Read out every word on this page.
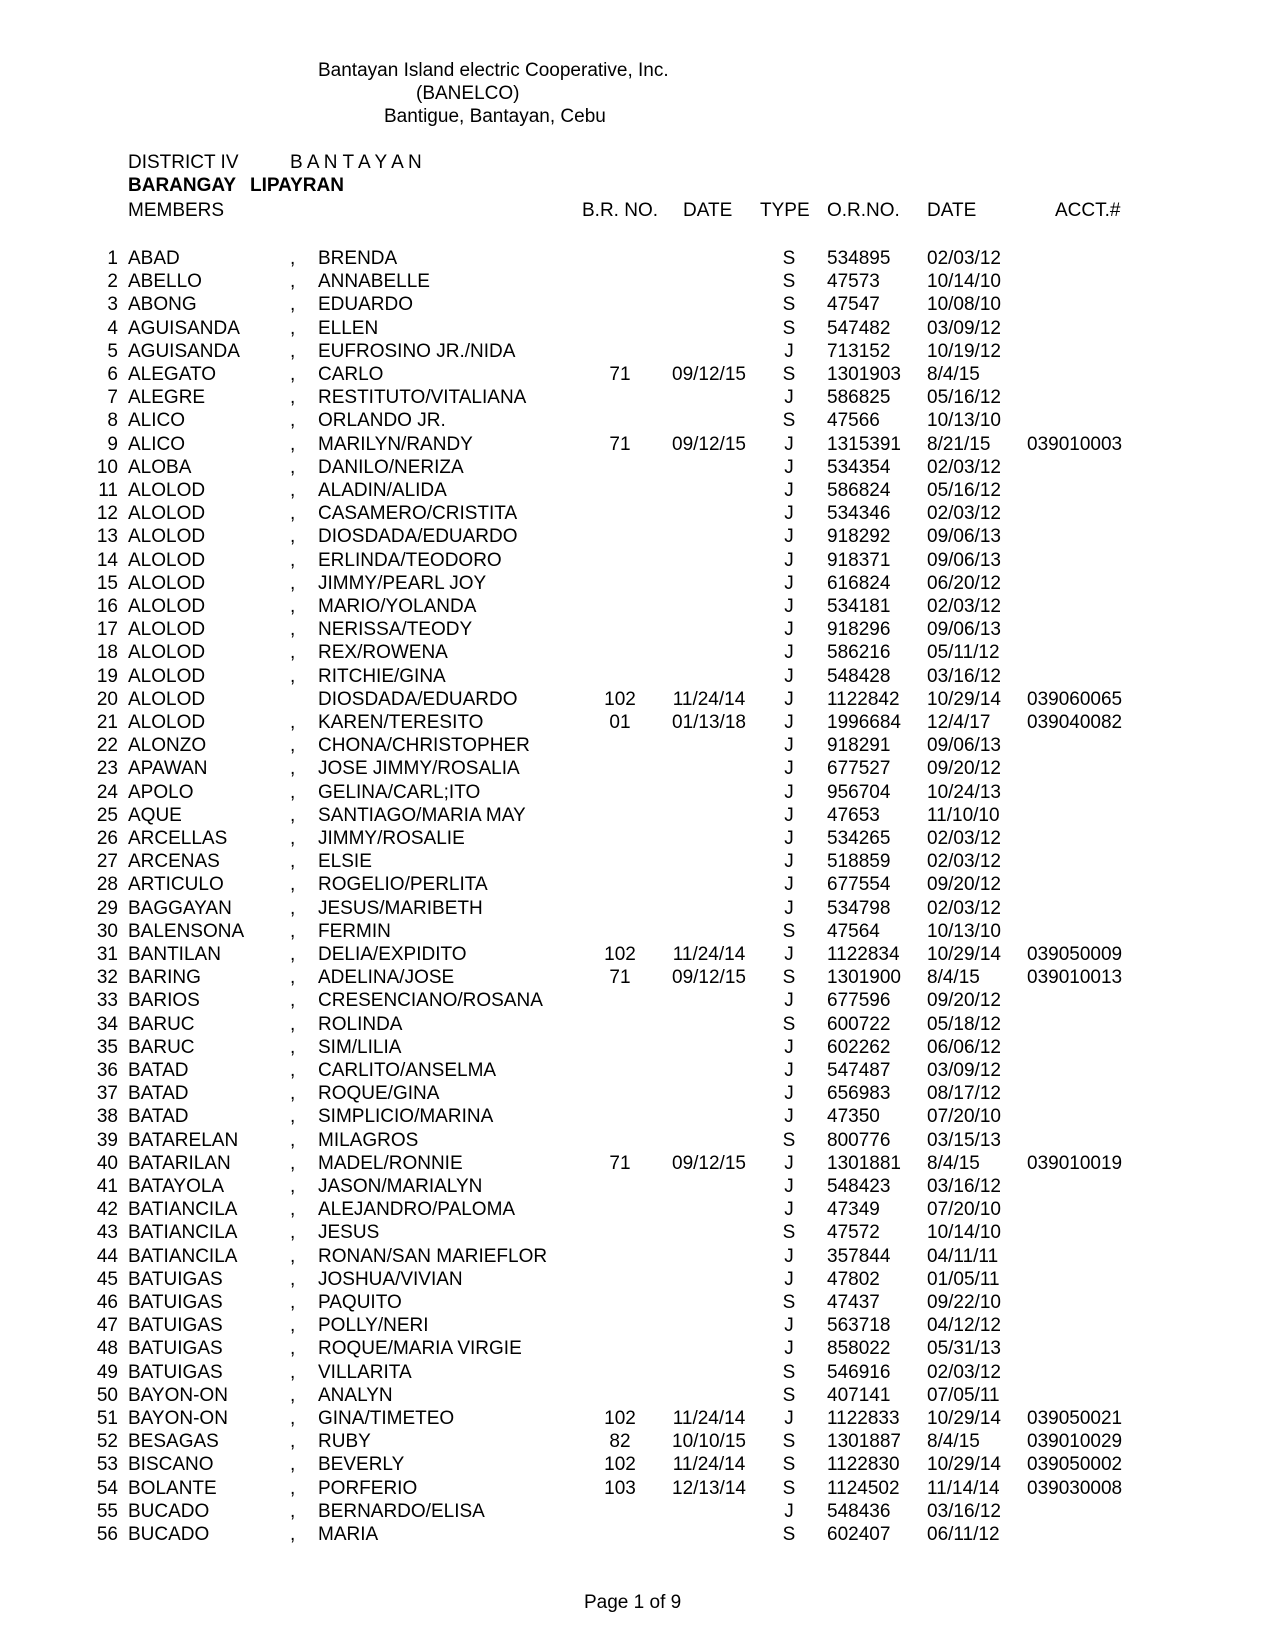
Bantayan Island electric Cooperative, Inc.
(BANELCO)
Bantigue, Bantayan, Cebu
DISTRICT IV	B A N T A Y A N
BARANGAY LIPAYRAN
MEMBERS	B.R. NO. DATE TYPE O.R.NO. DATE	ACCT.#
1 ABAD	, BRENDA	S	534895	02/03/12
2 ABELLO	, ANNABELLE	S	47573	10/14/10
3 ABONG	, EDUARDO	S	47547	10/08/10
4 AGUISANDA	, ELLEN	S	547482	03/09/12
5 AGUISANDA	, EUFROSINO JR./NIDA	J	713152	10/19/12
6 ALEGATO	, CARLO	71	09/12/15	S	1301903	8/4/15
7 ALEGRE	, RESTITUTO/VITALIANA	J	586825	05/16/12
8 ALICO	, ORLANDO JR.	S	47566	10/13/10
9 ALICO	, MARILYN/RANDY	71	09/12/15	J	1315391	8/21/15	039010003
10 ALOBA	, DANILO/NERIZA	J	534354	02/03/12
11 ALOLOD	, ALADIN/ALIDA	J	586824	05/16/12
12 ALOLOD	, CASAMERO/CRISTITA	J	534346	02/03/12
13 ALOLOD	, DIOSDADA/EDUARDO	J	918292	09/06/13
14 ALOLOD	, ERLINDA/TEODORO	J	918371	09/06/13
15 ALOLOD	, JIMMY/PEARL JOY	J	616824	06/20/12
16 ALOLOD	, MARIO/YOLANDA	J	534181	02/03/12
17 ALOLOD	, NERISSA/TEODY	J	918296	09/06/13
18 ALOLOD	, REX/ROWENA	J	586216	05/11/12
19 ALOLOD	, RITCHIE/GINA	J	548428	03/16/12
20 ALOLOD	DIOSDADA/EDUARDO	102	11/24/14	J	1122842	10/29/14	039060065
21 ALOLOD	, KAREN/TERESITO	01	01/13/18	J	1996684	12/4/17	039040082
22 ALONZO	, CHONA/CHRISTOPHER	J	918291	09/06/13
23 APAWAN	, JOSE JIMMY/ROSALIA	J	677527	09/20/12
24 APOLO	, GELINA/CARL;ITO	J	956704	10/24/13
25 AQUE	, SANTIAGO/MARIA MAY	J	47653	11/10/10
26 ARCELLAS	, JIMMY/ROSALIE	J	534265	02/03/12
27 ARCENAS	, ELSIE	J	518859	02/03/12
28 ARTICULO	, ROGELIO/PERLITA	J	677554	09/20/12
29 BAGGAYAN	, JESUS/MARIBETH	J	534798	02/03/12
30 BALENSONA	, FERMIN	S	47564	10/13/10
31 BANTILAN	, DELIA/EXPIDITO	102	11/24/14	J	1122834	10/29/14	039050009
32 BARING	, ADELINA/JOSE	71	09/12/15	S	1301900	8/4/15	039010013
33 BARIOS	, CRESENCIANO/ROSANA	J	677596	09/20/12
34 BARUC	, ROLINDA	S	600722	05/18/12
35 BARUC	, SIM/LILIA	J	602262	06/06/12
36 BATAD	, CARLITO/ANSELMA	J	547487	03/09/12
37 BATAD	, ROQUE/GINA	J	656983	08/17/12
38 BATAD	, SIMPLICIO/MARINA	J	47350	07/20/10
39 BATARELAN	, MILAGROS	S	800776	03/15/13
40 BATARILAN	, MADEL/RONNIE	71	09/12/15	J	1301881	8/4/15	039010019
41 BATAYOLA	, JASON/MARIALYN	J	548423	03/16/12
42 BATIANCILA	, ALEJANDRO/PALOMA	J	47349	07/20/10
43 BATIANCILA	, JESUS	S	47572	10/14/10
44 BATIANCILA	, RONAN/SAN MARIEFLOR	J	357844	04/11/11
45 BATUIGAS	, JOSHUA/VIVIAN	J	47802	01/05/11
46 BATUIGAS	, PAQUITO	S	47437	09/22/10
47 BATUIGAS	, POLLY/NERI	J	563718	04/12/12
48 BATUIGAS	, ROQUE/MARIA VIRGIE	J	858022	05/31/13
49 BATUIGAS	, VILLARITA	S	546916	02/03/12
50 BAYON-ON	, ANALYN	S	407141	07/05/11
51 BAYON-ON	, GINA/TIMETEO	102	11/24/14	J	1122833	10/29/14	039050021
52 BESAGAS	, RUBY	82	10/10/15	S	1301887	8/4/15	039010029
53 BISCANO	, BEVERLY	102	11/24/14	S	1122830	10/29/14	039050002
54 BOLANTE	, PORFERIO	103	12/13/14	S	1124502	11/14/14	039030008
55 BUCADO	, BERNARDO/ELISA	J	548436	03/16/12
56 BUCADO	, MARIA	S	602407	06/11/12
Page 1 of 9
